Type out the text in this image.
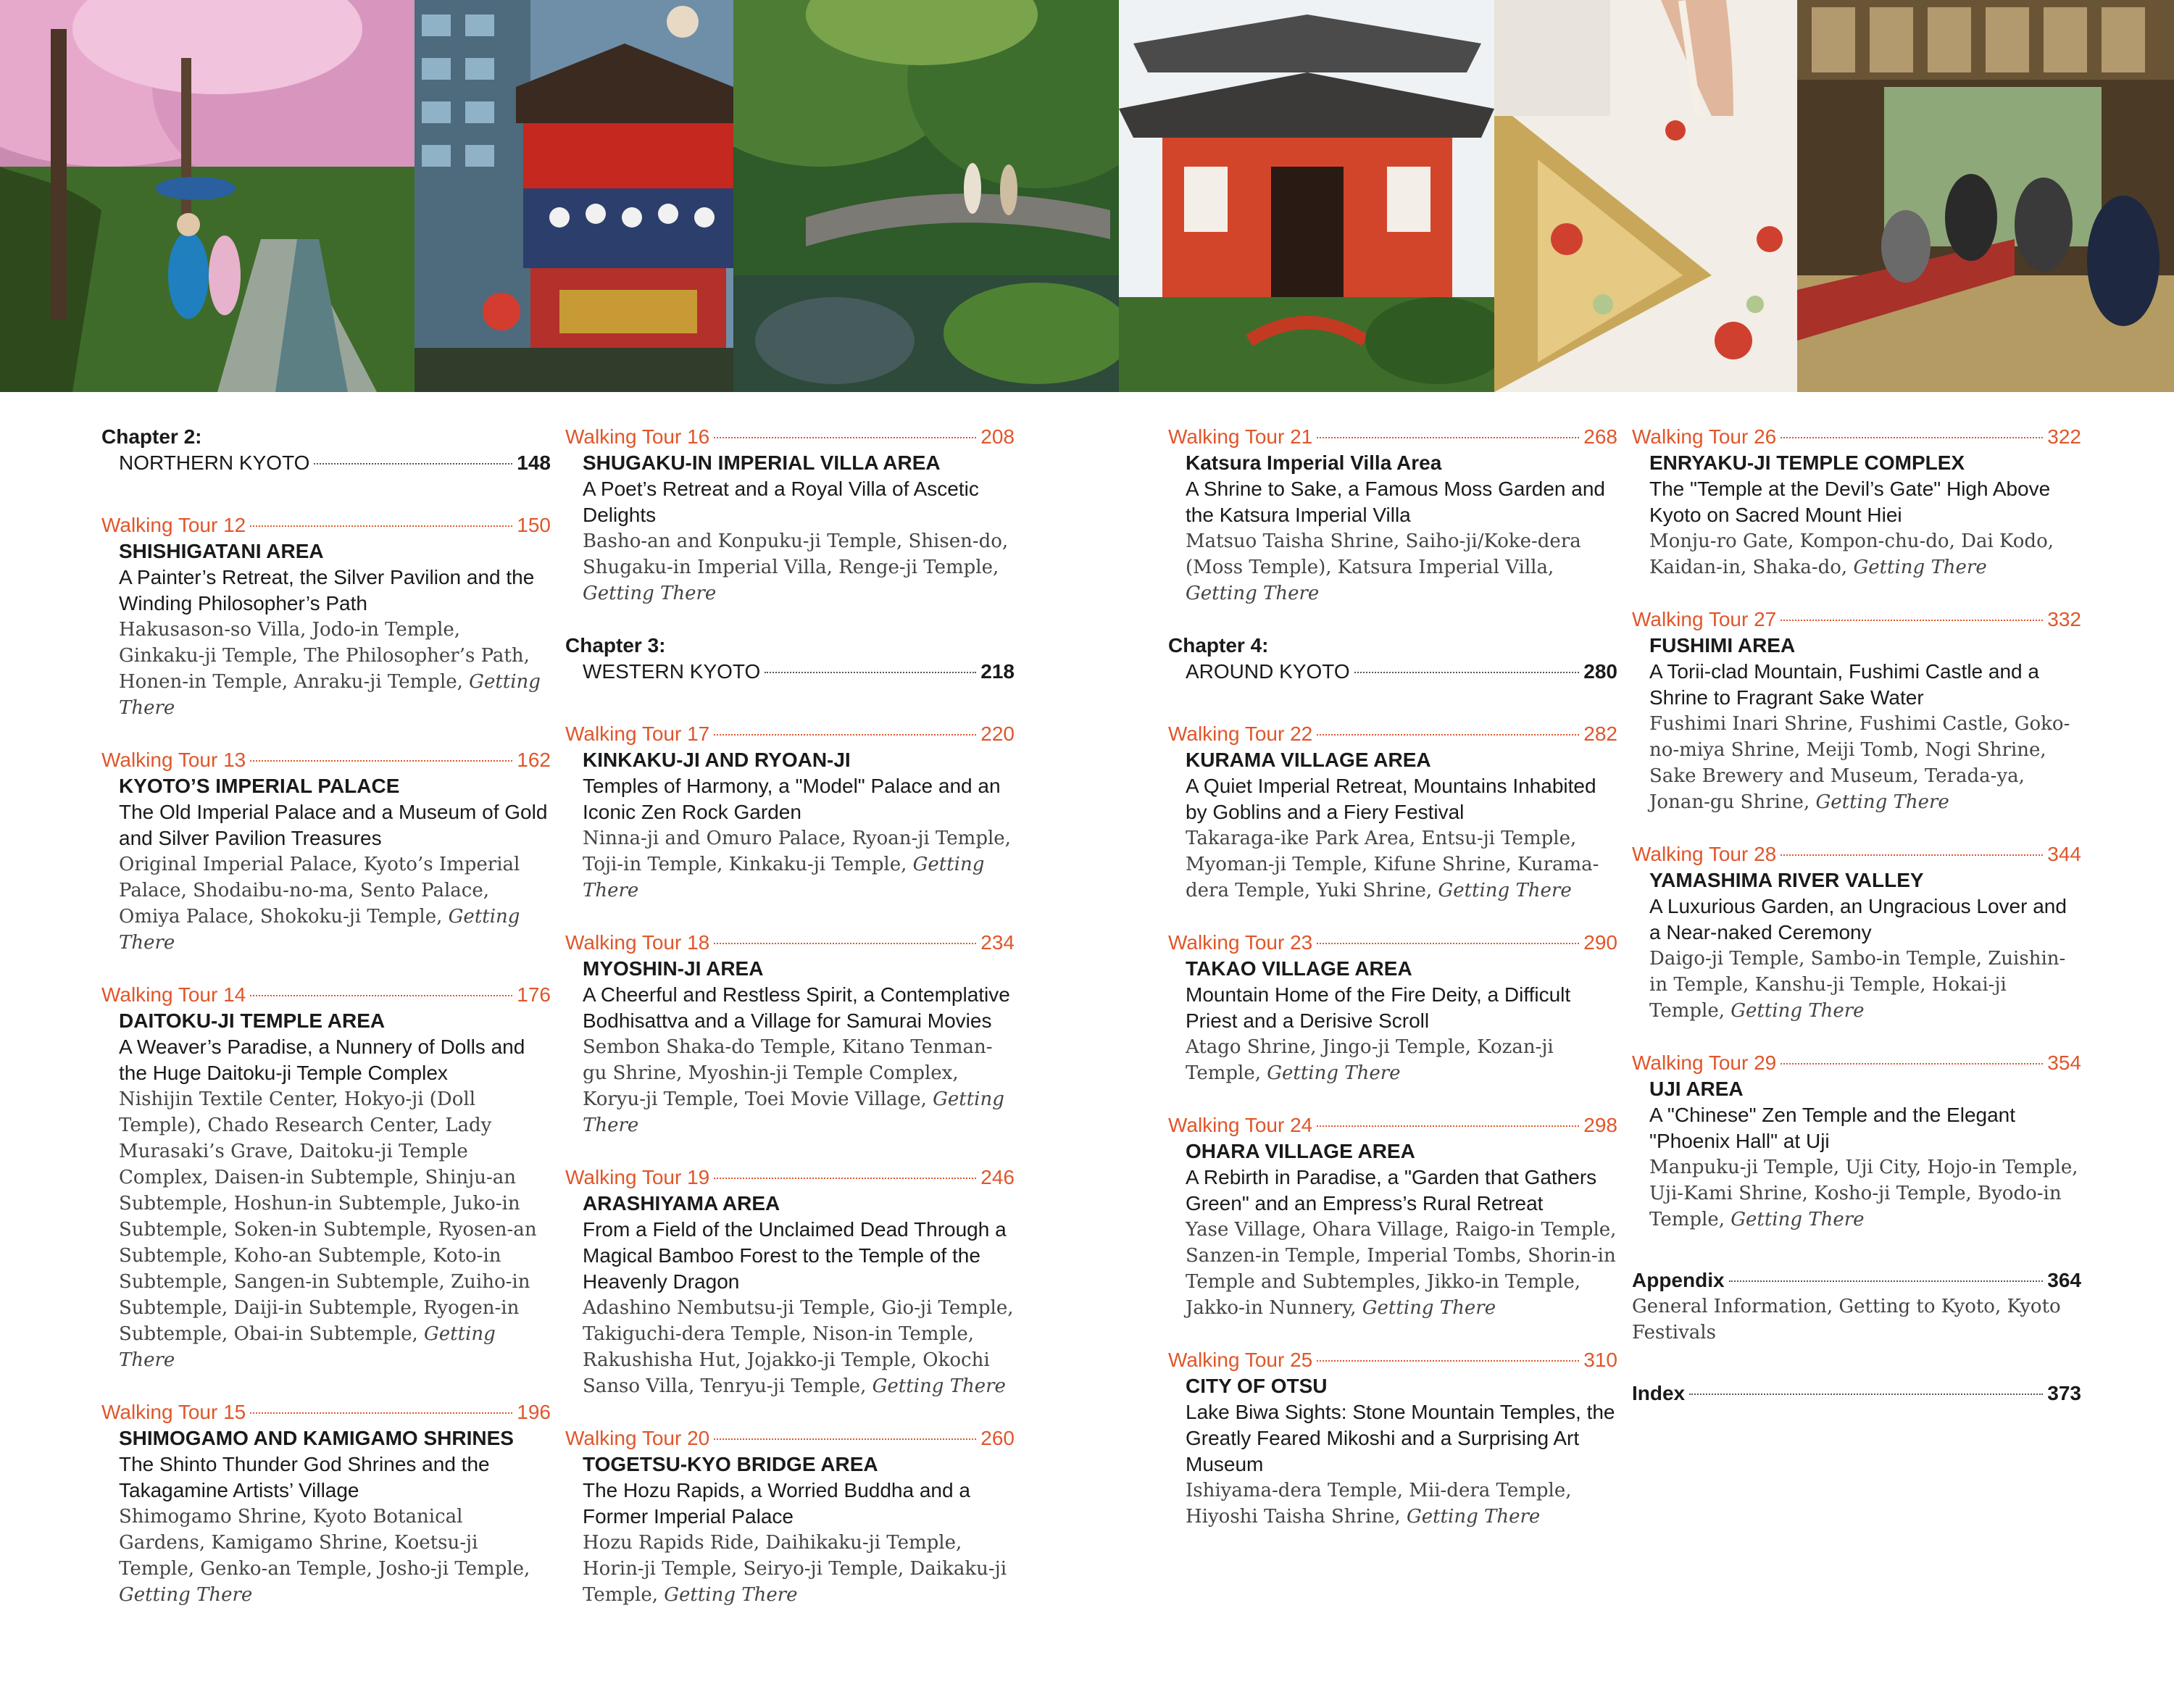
Chapter 2:
NORTHERN KYOTO	148
Walking Tour 12	150
SHISHIGATANI AREA
A Painter’s Retreat, the Silver Pavilion and the Winding Philosopher’s Path
Hakusason-so Villa, Jodo-in Temple, Ginkaku-ji Temple, The Philosopher’s Path, Honen-in Temple, Anraku-ji Temple, Getting There
Walking Tour 13	162
KYOTO’S IMPERIAL PALACE
The Old Imperial Palace and a Museum of Gold and Silver Pavilion Treasures
Original Imperial Palace, Kyoto’s Imperial Palace, Shodaibu-no-ma, Sento Palace, Omiya Palace, Shokoku-ji Temple, Getting There
Walking Tour 14	176
DAITOKU-JI TEMPLE AREA
A Weaver’s Paradise, a Nunnery of Dolls and the Huge Daitoku-ji Temple Complex
Nishijin Textile Center, Hokyo-ji (Doll Temple), Chado Research Center, Lady Murasaki’s Grave, Daitoku-ji Temple Complex, Daisen-in Subtemple, Shinju-an Subtemple, Hoshun-in Subtemple, Juko-in Subtemple, Soken-in Subtemple, Ryosen-an Subtemple, Koho-an Subtemple, Koto-in Subtemple, Sangen-in Subtemple, Zuiho-in Subtemple, Daiji-in Subtemple, Ryogen-in Subtemple, Obai-in Subtemple, Getting There
Walking Tour 15	196
SHIMOGAMO AND KAMIGAMO SHRINES
The Shinto Thunder God Shrines and the Takagamine Artists’ Village
Shimogamo Shrine, Kyoto Botanical Gardens, Kamigamo Shrine, Koetsu-ji Temple, Genko-an Temple, Josho-ji Temple, Getting There
Walking Tour 16	208
SHUGAKU-IN IMPERIAL VILLA AREA
A Poet’s Retreat and a Royal Villa of Ascetic Delights
Basho-an and Konpuku-ji Temple, Shisen-do, Shugaku-in Imperial Villa, Renge-ji Temple, Getting There
Chapter 3:
WESTERN KYOTO	218
Walking Tour 17	220
KINKAKU-JI AND RYOAN-JI
Temples of Harmony, a "Model" Palace and an Iconic Zen Rock Garden
Ninna-ji and Omuro Palace, Ryoan-ji Temple, Toji-in Temple, Kinkaku-ji Temple, Getting There
Walking Tour 18	234
MYOSHIN-JI AREA
A Cheerful and Restless Spirit, a Contemplative Bodhisattva and a Village for Samurai Movies
Sembon Shaka-do Temple, Kitano Tenman-gu Shrine, Myoshin-ji Temple Complex, Koryu-ji Temple, Toei Movie Village, Getting There
Walking Tour 19	246
ARASHIYAMA AREA
From a Field of the Unclaimed Dead Through a Magical Bamboo Forest to the Temple of the Heavenly Dragon
Adashino Nembutsu-ji Temple, Gio-ji Temple, Takiguchi-dera Temple, Nison-in Temple, Rakushisha Hut, Jojakko-ji Temple, Okochi Sanso Villa, Tenryu-ji Temple, Getting There
Walking Tour 20	260
TOGETSU-KYO BRIDGE AREA
The Hozu Rapids, a Worried Buddha and a Former Imperial Palace
Hozu Rapids Ride, Daihikaku-ji Temple, Horin-ji Temple, Seiryo-ji Temple, Daikaku-ji Temple, Getting There
Walking Tour 21	268
Katsura Imperial Villa Area
A Shrine to Sake, a Famous Moss Garden and the Katsura Imperial Villa
Matsuo Taisha Shrine, Saiho-ji/Koke-dera (Moss Temple), Katsura Imperial Villa, Getting There
Chapter 4:
AROUND KYOTO	280
Walking Tour 22	282
KURAMA VILLAGE AREA
A Quiet Imperial Retreat, Mountains Inhabited by Goblins and a Fiery Festival
Takaraga-ike Park Area, Entsu-ji Temple, Myoman-ji Temple, Kifune Shrine, Kurama-dera Temple, Yuki Shrine, Getting There
Walking Tour 23	290
TAKAO VILLAGE AREA
Mountain Home of the Fire Deity, a Difficult Priest and a Derisive Scroll
Atago Shrine, Jingo-ji Temple, Kozan-ji Temple, Getting There
Walking Tour 24	298
OHARA VILLAGE AREA
A Rebirth in Paradise, a "Garden that Gathers Green" and an Empress’s Rural Retreat
Yase Village, Ohara Village, Raigo-in Temple, Sanzen-in Temple, Imperial Tombs, Shorin-in Temple and Subtemples, Jikko-in Temple, Jakko-in Nunnery, Getting There
Walking Tour 25	310
CITY OF OTSU
Lake Biwa Sights: Stone Mountain Temples, the Greatly Feared Mikoshi and a Surprising Art Museum
Ishiyama-dera Temple, Mii-dera Temple, Hiyoshi Taisha Shrine, Getting There
Walking Tour 26	322
ENRYAKU-JI TEMPLE COMPLEX
The "Temple at the Devil’s Gate" High Above Kyoto on Sacred Mount Hiei
Monju-ro Gate, Kompon-chu-do, Dai Kodo, Kaidan-in, Shaka-do, Getting There
Walking Tour 27	332
FUSHIMI AREA
A Torii-clad Mountain, Fushimi Castle and a Shrine to Fragrant Sake Water
Fushimi Inari Shrine, Fushimi Castle, Goko-no-miya Shrine, Meiji Tomb, Nogi Shrine, Sake Brewery and Museum, Terada-ya, Jonan-gu Shrine, Getting There
Walking Tour 28	344
YAMASHIMA RIVER VALLEY
A Luxurious Garden, an Ungracious Lover and a Near-naked Ceremony
Daigo-ji Temple, Sambo-in Temple, Zuishin-in Temple, Kanshu-ji Temple, Hokai-ji Temple, Getting There
Walking Tour 29	354
UJI AREA
A "Chinese" Zen Temple and the Elegant "Phoenix Hall" at Uji
Manpuku-ji Temple, Uji City, Hojo-in Temple, Uji-Kami Shrine, Kosho-ji Temple, Byodo-in Temple, Getting There
Appendix	364
General Information, Getting to Kyoto, Kyoto Festivals
Index	373
